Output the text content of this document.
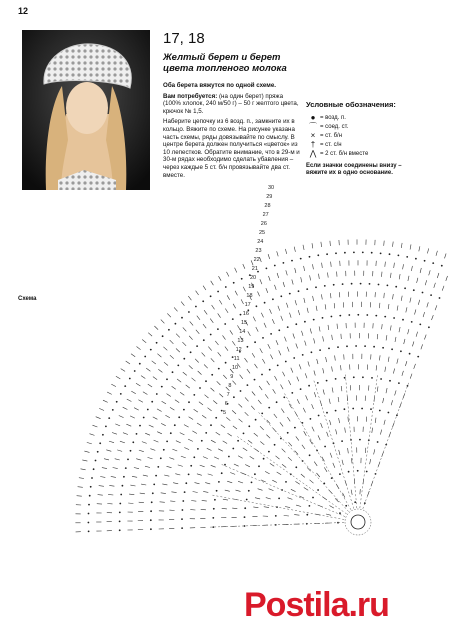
12
17, 18
Желтый берет и берет цвета топленого молока

Оба берета вяжутся по одной схеме.

Вам потребуется: (на один берет) пряжа (100% хлопок, 240 м/50 г) – 50 г желтого цвета, крючок № 1,5.

Наберите цепочку из 6 возд. п., замкните их в кольцо. Вяжите по схеме. На рисунке указана часть схемы, ряды довязывайте по смыслу. В центре берета должен получиться «цветок» из 10 лепестков. Обратите внимание, что в 29-м и 30-м рядах необходимо сделать убавления – через каждые 5 ст. б/н провязывайте два ст. вместе.

Условные обозначения:
● = возд. п.
⌒ = соед. ст.
× = ст. б/н
† = ст. с/н
⋀ = 2 ст. б/н вместе
Если значки соединены внизу – вяжите их в одно основание.
Схема
30
29
28
27
26
25
24
23
22
21
20
19
18
17
16
15
14
13
12
11
10
9
8
7
6
5
Postila.ru
